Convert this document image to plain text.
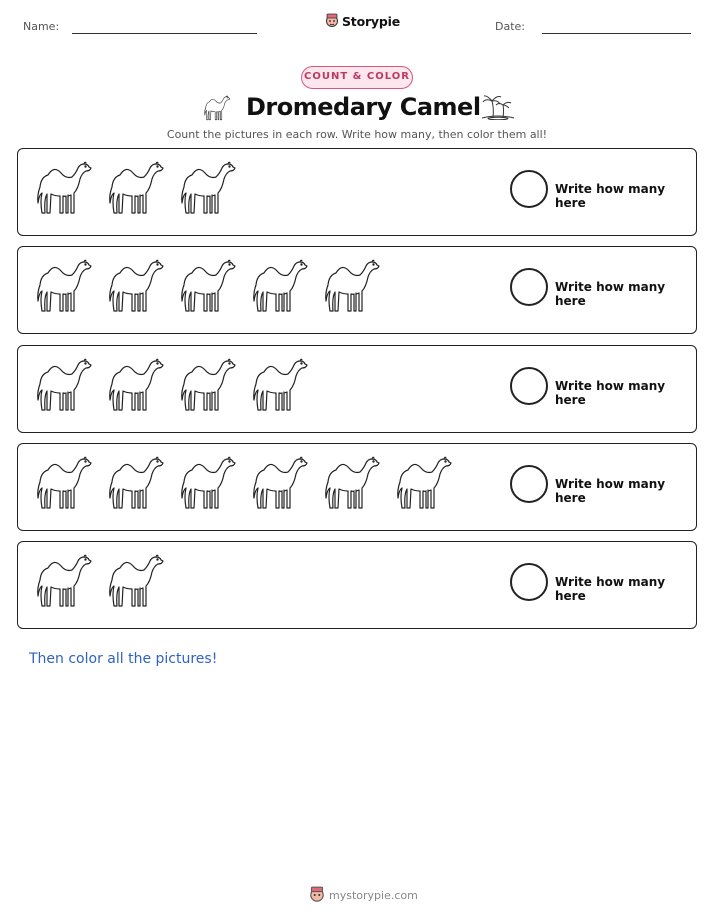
Name:	Storypie	Date:
COUNT & COLOR
Dromedary Camel

Count the pictures in each row. Write how many, then color them all!

Write how many here
Write how many here
Write how many here
Write how many here
Write how many here

Then color all the pictures!

mystorypie.com
